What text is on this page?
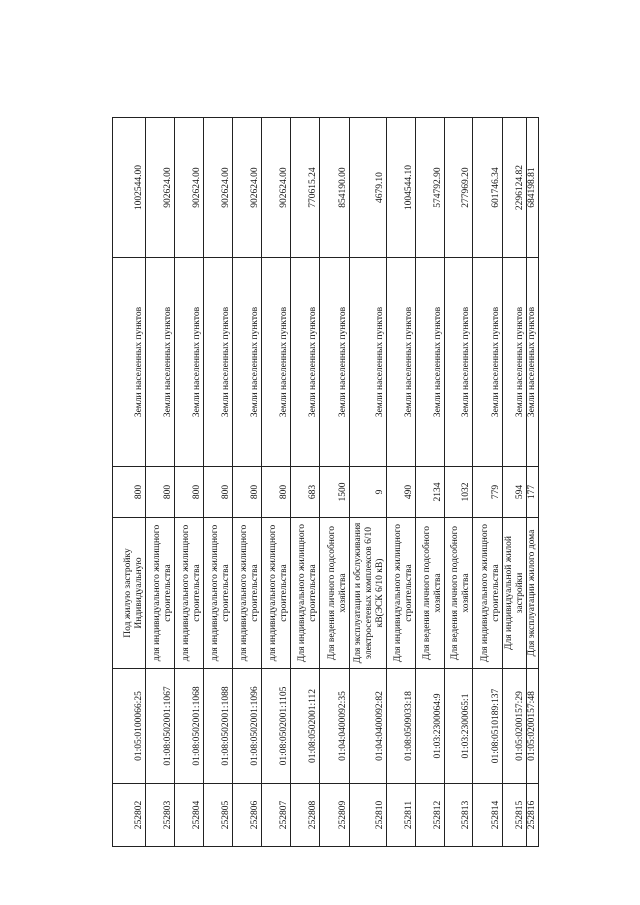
252802	01:05:0100066:25	Под жилую застройку Индивидуальную	800	Земли населенных пунктов	1002544.00
252803	01:08:0502001:1067	для индивидуального жилищного строительства	800	Земли населенных пунктов	902624.00
252804	01:08:0502001:1068	для индивидуального жилищного строительства	800	Земли населенных пунктов	902624.00
252805	01:08:0502001:1088	для индивидуального жилищного строительства	800	Земли населенных пунктов	902624.00
252806	01:08:0502001:1096	для индивидуального жилищного строительства	800	Земли населенных пунктов	902624.00
252807	01:08:0502001:1105	для индивидуального жилищного строительства	800	Земли населенных пунктов	902624.00
252808	01:08:0502001:112	Для индивидуального жилищного строительства	683	Земли населенных пунктов	770615.24
252809	01:04:0400092:35	Для ведения личного подсобного хозяйства	1500	Земли населенных пунктов	854190.00
252810	01:04:0400092:82	Для эксплуатации и обслуживания электросетевых комплексов 6/10 кВ(ЭСК 6/10 кВ)	9	Земли населенных пунктов	4679.10
252811	01:08:0509033:18	Для индивидуального жилищного строительства	490	Земли населенных пунктов	1004544.10
252812	01:03:2300064:9	Для ведения личного подсобного хозяйства	2134	Земли населенных пунктов	574792.90
252813	01:03:2300065:1	Для ведения личного подсобного хозяйства	1032	Земли населенных пунктов	277969.20
252814	01:08:0510189:137	Для индивидуального жилищного строительства	779	Земли населенных пунктов	601746.34
252815	01:05:0200157:29	Для индивидуальной жилой застройки	594	Земли населенных пунктов	2296124.82
252816	01:05:0200157:48	Для эксплуатации жилого дома	177	Земли населенных пунктов	684198.81
